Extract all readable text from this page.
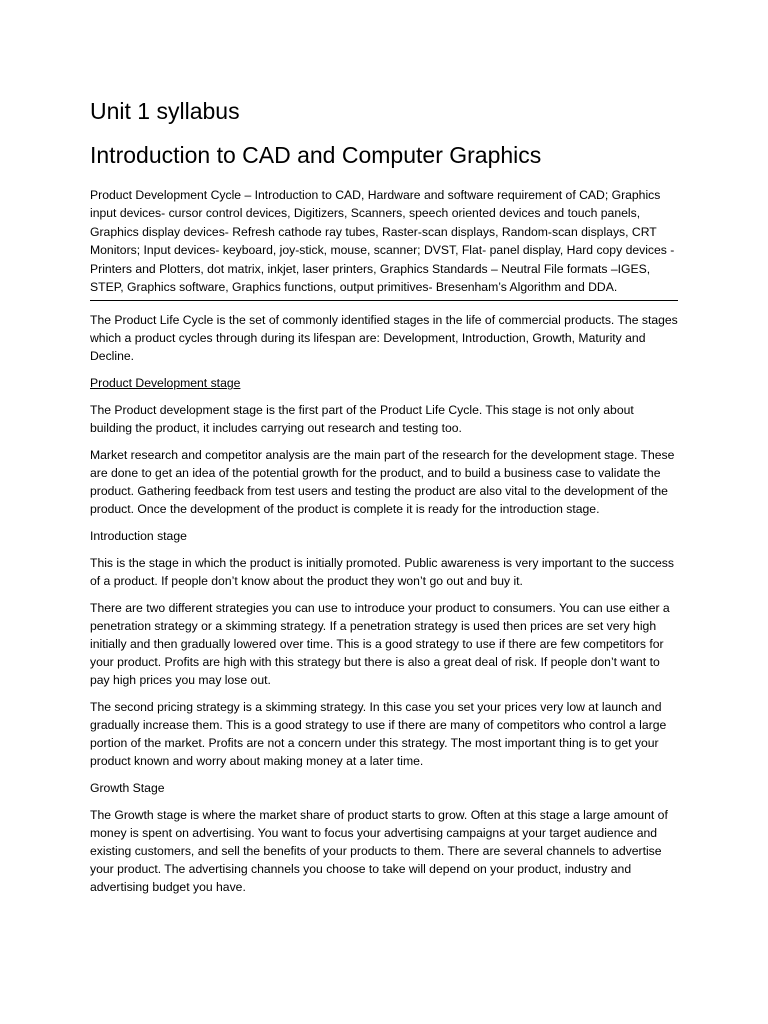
Unit 1 syllabus
Introduction to CAD and Computer Graphics

Product Development Cycle – Introduction to CAD, Hardware and software requirement of CAD; Graphics input devices- cursor control devices, Digitizers, Scanners, speech oriented devices and touch panels, Graphics display devices- Refresh cathode ray tubes, Raster-scan displays, Random-scan displays, CRT Monitors; Input devices- keyboard, joy-stick, mouse, scanner; DVST, Flat- panel display, Hard copy devices - Printers and Plotters, dot matrix, inkjet, laser printers, Graphics Standards – Neutral File formats –IGES, STEP, Graphics software, Graphics functions, output primitives- Bresenham’s Algorithm and DDA.

The Product Life Cycle is the set of commonly identified stages in the life of commercial products. The stages which a product cycles through during its lifespan are: Development, Introduction, Growth, Maturity and Decline.

Product Development stage

The Product development stage is the first part of the Product Life Cycle. This stage is not only about building the product, it includes carrying out research and testing too.

Market research and competitor analysis are the main part of the research for the development stage. These are done to get an idea of the potential growth for the product, and to build a business case to validate the product. Gathering feedback from test users and testing the product are also vital to the development of the product. Once the development of the product is complete it is ready for the introduction stage.

Introduction stage

This is the stage in which the product is initially promoted. Public awareness is very important to the success of a product. If people don’t know about the product they won’t go out and buy it.

There are two different strategies you can use to introduce your product to consumers. You can use either a penetration strategy or a skimming strategy. If a penetration strategy is used then prices are set very high initially and then gradually lowered over time. This is a good strategy to use if there are few competitors for your product. Profits are high with this strategy but there is also a great deal of risk. If people don’t want to pay high prices you may lose out.

The second pricing strategy is a skimming strategy. In this case you set your prices very low at launch and gradually increase them. This is a good strategy to use if there are many of competitors who control a large portion of the market. Profits are not a concern under this strategy. The most important thing is to get your product known and worry about making money at a later time.

Growth Stage

The Growth stage is where the market share of product starts to grow. Often at this stage a large amount of money is spent on advertising. You want to focus your advertising campaigns at your target audience and existing customers, and sell the benefits of your products to them. There are several channels to advertise your product. The advertising channels you choose to take will depend on your product, industry and advertising budget you have.
